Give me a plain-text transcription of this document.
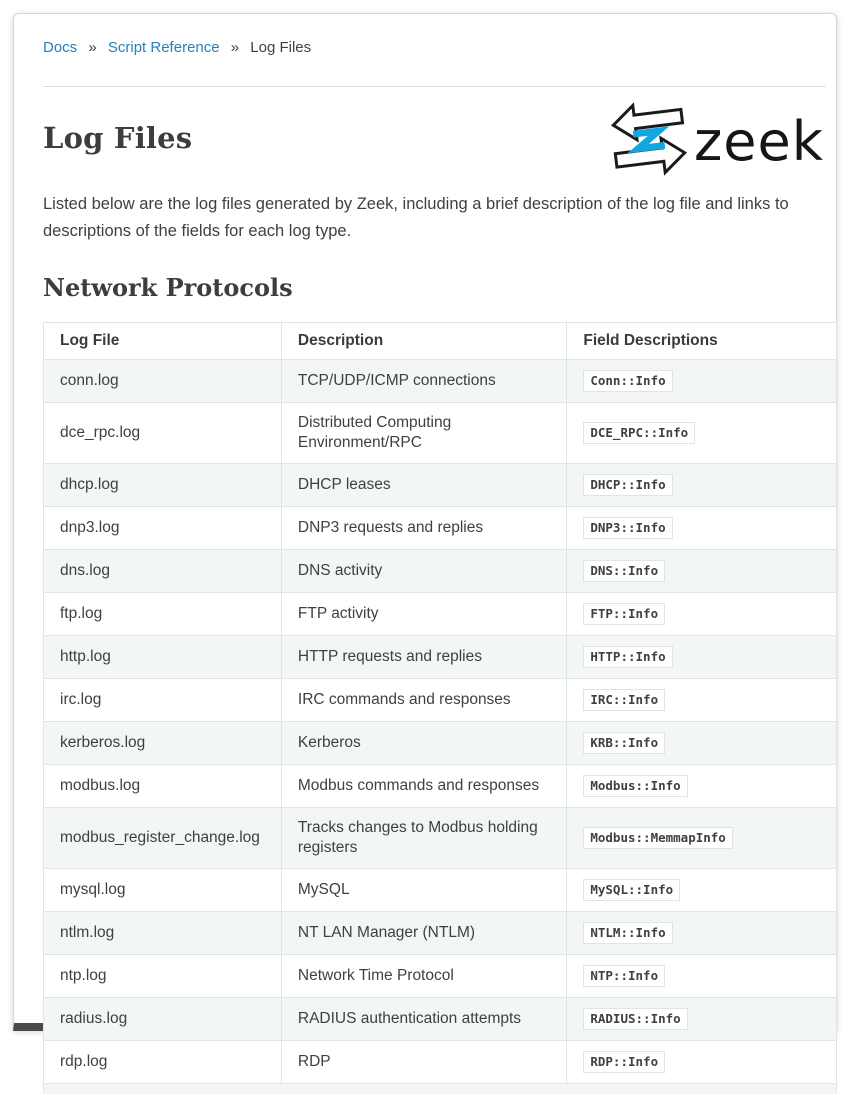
Docs » Script Reference » Log Files
Log Files	zeek

Listed below are the log files generated by Zeek, including a brief description of the log file and links to descriptions of the fields for each log type.

Network Protocols
Log File	Description	Field Descriptions
conn.log	TCP/UDP/ICMP connections	Conn::Info
dce_rpc.log	Distributed Computing Environment/RPC	DCE_RPC::Info
dhcp.log	DHCP leases	DHCP::Info
dnp3.log	DNP3 requests and replies	DNP3::Info
dns.log	DNS activity	DNS::Info
ftp.log	FTP activity	FTP::Info
http.log	HTTP requests and replies	HTTP::Info
irc.log	IRC commands and responses	IRC::Info
kerberos.log	Kerberos	KRB::Info
modbus.log	Modbus commands and responses	Modbus::Info
modbus_register_change.log	Tracks changes to Modbus holding registers	Modbus::MemmapInfo
mysql.log	MySQL	MySQL::Info
ntlm.log	NT LAN Manager (NTLM)	NTLM::Info
ntp.log	Network Time Protocol	NTP::Info
radius.log	RADIUS authentication attempts	RADIUS::Info
rdp.log	RDP	RDP::Info
